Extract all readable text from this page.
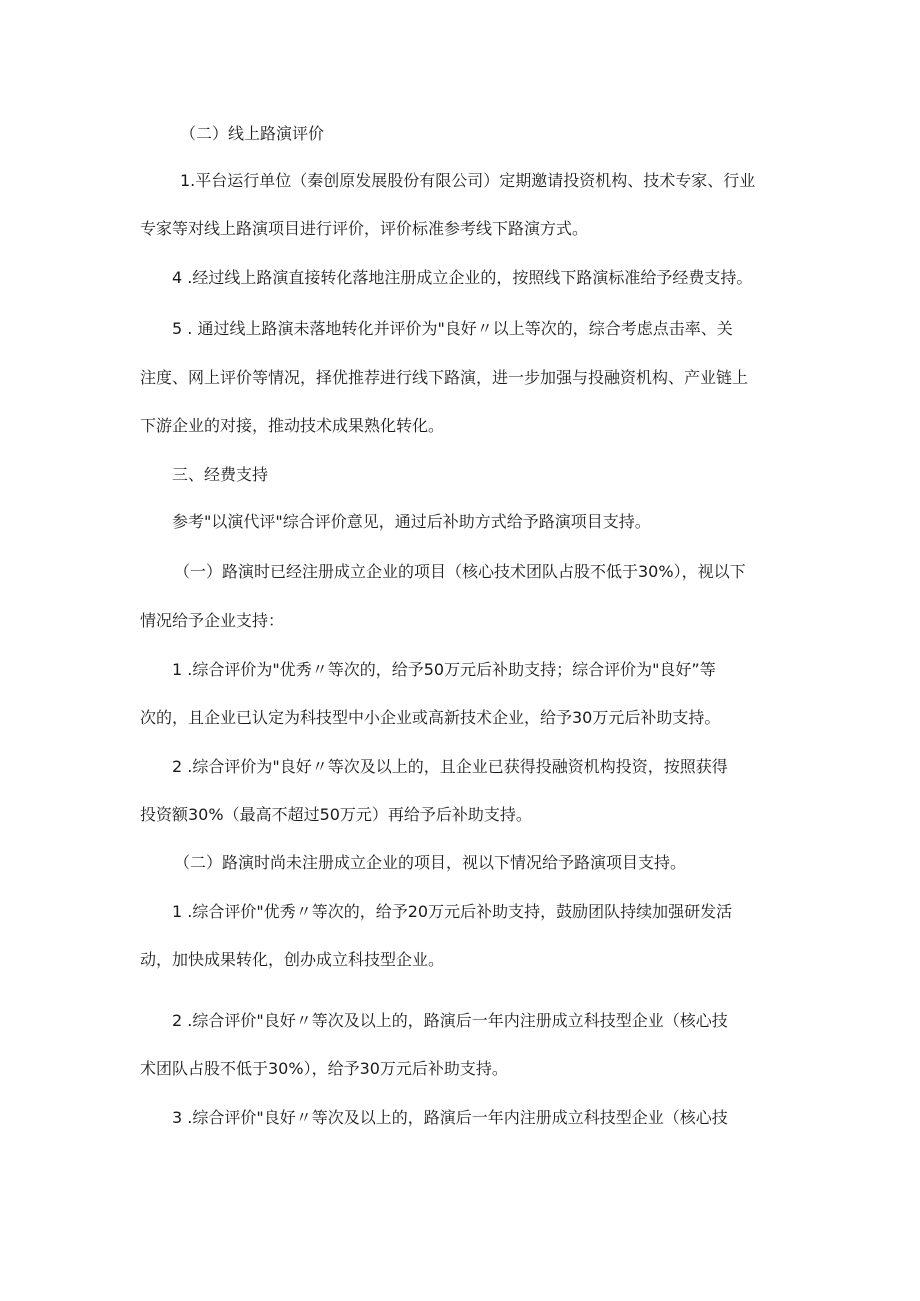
（二）线上路演评价
1.平台运行单位（秦创原发展股份有限公司）定期邀请投资机构、技术专家、行业
专家等对线上路演项目进行评价，评价标准参考线下路演方式。
4 .经过线上路演直接转化落地注册成立企业的，按照线下路演标准给予经费支持。
5 . 通过线上路演未落地转化并评价为"良好〃以上等次的，综合考虑点击率、关
注度、网上评价等情况，择优推荐进行线下路演，进一步加强与投融资机构、产业链上
下游企业的对接，推动技术成果熟化转化。
三、经费支持
参考"以演代评"综合评价意见，通过后补助方式给予路演项目支持。
（一）路演时已经注册成立企业的项目（核心技术团队占股不低于30%），视以下
情况给予企业支持：
1 .综合评价为"优秀〃等次的，给予50万元后补助支持；综合评价为"良好”等
次的，且企业已认定为科技型中小企业或高新技术企业，给予30万元后补助支持。
2 .综合评价为"良好〃等次及以上的，且企业已获得投融资机构投资，按照获得
投资额30%（最高不超过50万元）再给予后补助支持。
（二）路演时尚未注册成立企业的项目，视以下情况给予路演项目支持。
1 .综合评价"优秀〃等次的，给予20万元后补助支持，鼓励团队持续加强研发活
动，加快成果转化，创办成立科技型企业。
2 .综合评价"良好〃等次及以上的，路演后一年内注册成立科技型企业（核心技
术团队占股不低于30%），给予30万元后补助支持。
3 .综合评价"良好〃等次及以上的，路演后一年内注册成立科技型企业（核心技
